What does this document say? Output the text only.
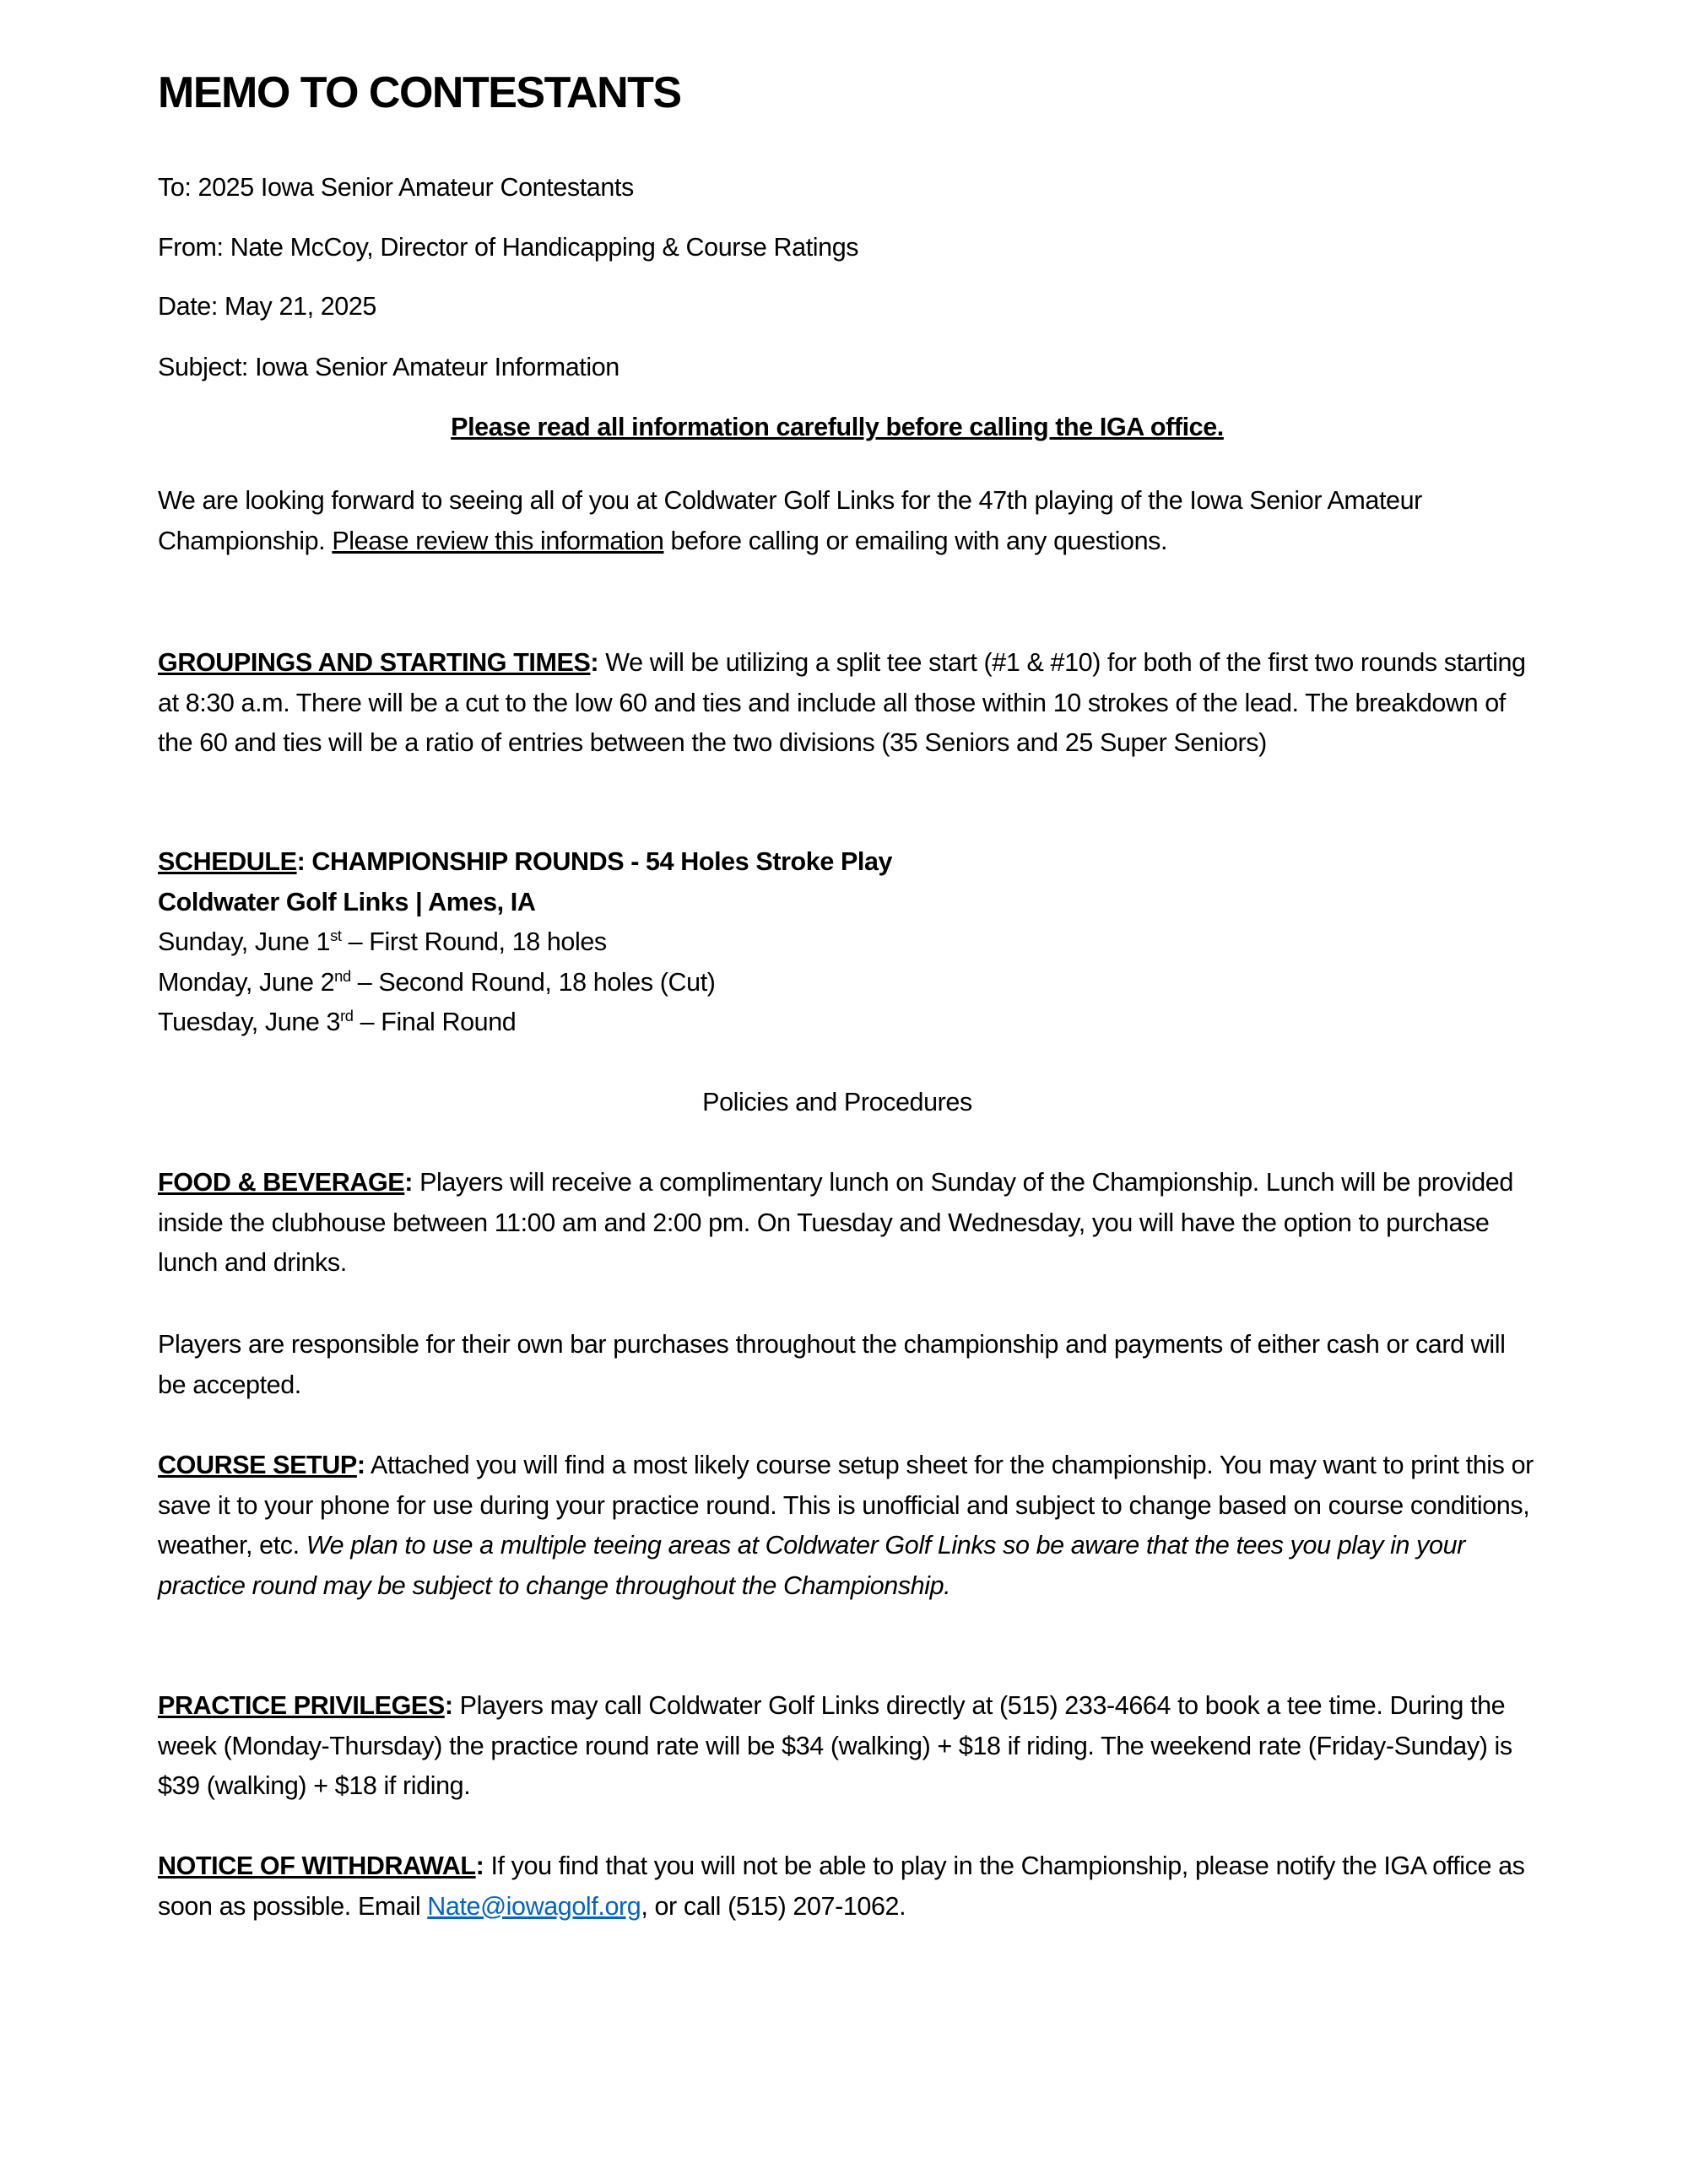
MEMO TO CONTESTANTS
To: 2025 Iowa Senior Amateur Contestants
From: Nate McCoy, Director of Handicapping & Course Ratings
Date: May 21, 2025
Subject: Iowa Senior Amateur Information
Please read all information carefully before calling the IGA office.
We are looking forward to seeing all of you at Coldwater Golf Links for the 47th playing of the Iowa Senior Amateur Championship. Please review this information before calling or emailing with any questions.
GROUPINGS AND STARTING TIMES: We will be utilizing a split tee start (#1 & #10) for both of the first two rounds starting at 8:30 a.m. There will be a cut to the low 60 and ties and include all those within 10 strokes of the lead. The breakdown of the 60 and ties will be a ratio of entries between the two divisions (35 Seniors and 25 Super Seniors)
SCHEDULE: CHAMPIONSHIP ROUNDS - 54 Holes Stroke Play
Coldwater Golf Links | Ames, IA
Sunday, June 1st – First Round, 18 holes
Monday, June 2nd – Second Round, 18 holes (Cut)
Tuesday, June 3rd – Final Round
Policies and Procedures
FOOD & BEVERAGE: Players will receive a complimentary lunch on Sunday of the Championship. Lunch will be provided inside the clubhouse between 11:00 am and 2:00 pm. On Tuesday and Wednesday, you will have the option to purchase lunch and drinks.
Players are responsible for their own bar purchases throughout the championship and payments of either cash or card will be accepted.
COURSE SETUP: Attached you will find a most likely course setup sheet for the championship. You may want to print this or save it to your phone for use during your practice round. This is unofficial and subject to change based on course conditions, weather, etc. We plan to use a multiple teeing areas at Coldwater Golf Links so be aware that the tees you play in your practice round may be subject to change throughout the Championship.
PRACTICE PRIVILEGES: Players may call Coldwater Golf Links directly at (515) 233-4664 to book a tee time. During the week (Monday-Thursday) the practice round rate will be $34 (walking) + $18 if riding. The weekend rate (Friday-Sunday) is $39 (walking) + $18 if riding.
NOTICE OF WITHDRAWAL: If you find that you will not be able to play in the Championship, please notify the IGA office as soon as possible. Email Nate@iowagolf.org, or call (515) 207-1062.
